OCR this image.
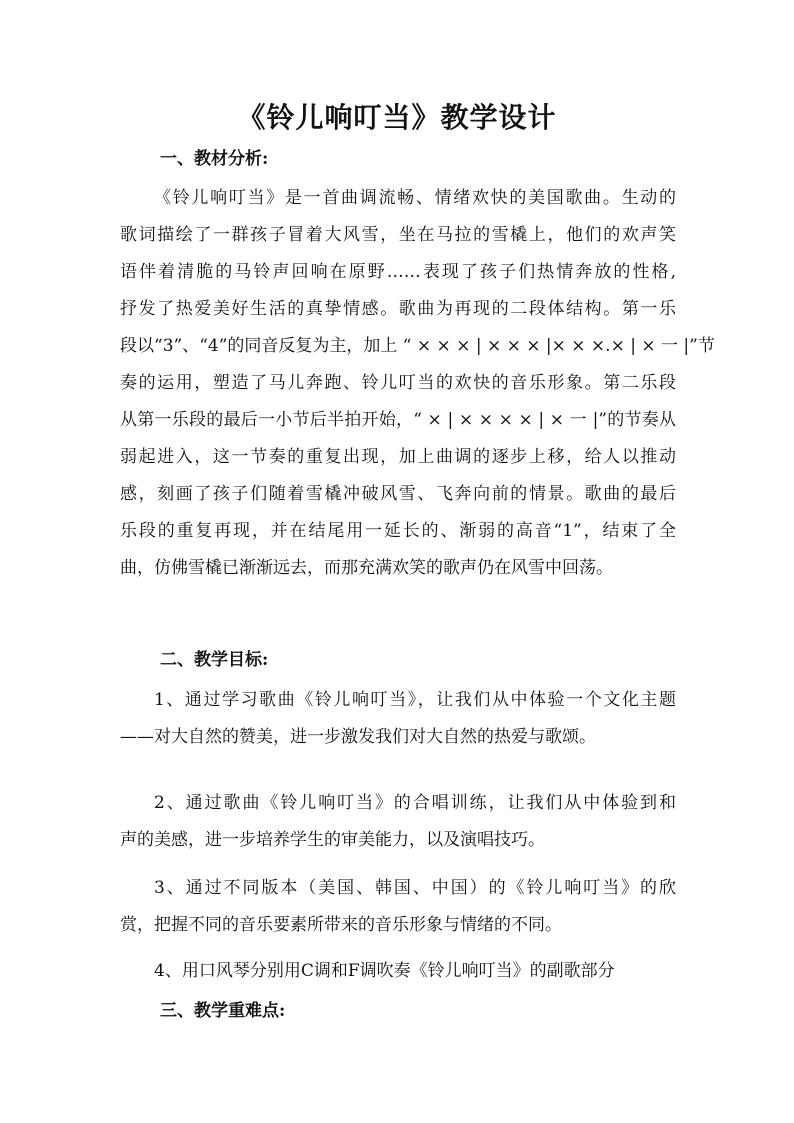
《铃儿响叮当》教学设计
一、教材分析:
《铃儿响叮当》是一首曲调流畅、情绪欢快的美国歌曲。生动的
歌词描绘了一群孩子冒着大风雪，坐在马拉的雪橇上，他们的欢声笑
语伴着清脆的马铃声回响在原野……表现了孩子们热情奔放的性格,
抒发了热爱美好生活的真挚情感。歌曲为再现的二段体结构。第一乐
段以“3”、“4”的同音反复为主，加上 “ × × × | × × × |× × ×.× | × 一 |”节
奏的运用，塑造了马儿奔跑、铃儿叮当的欢快的音乐形象。第二乐段
从第一乐段的最后一小节后半拍开始，“ × | × × × × | × 一 |”的节奏从
弱起进入，这一节奏的重复出现，加上曲调的逐步上移，给人以推动
感，刻画了孩子们随着雪橇冲破风雪、飞奔向前的情景。歌曲的最后
乐段的重复再现，并在结尾用一延长的、渐弱的高音“1”，结束了全
曲，仿佛雪橇已渐渐远去，而那充满欢笑的歌声仍在风雪中回荡。
二、教学目标:
1、通过学习歌曲《铃儿响叮当》，让我们从中体验一个文化主题
——对大自然的赞美，进一步激发我们对大自然的热爱与歌颂。
2、通过歌曲《铃儿响叮当》的合唱训练，让我们从中体验到和
声的美感，进一步培养学生的审美能力，以及演唱技巧。
3、通过不同版本（美国、韩国、中国）的《铃儿响叮当》的欣
赏，把握不同的音乐要素所带来的音乐形象与情绪的不同。
4、用口风琴分别用C调和F调吹奏《铃儿响叮当》的副歌部分
三、教学重难点:
